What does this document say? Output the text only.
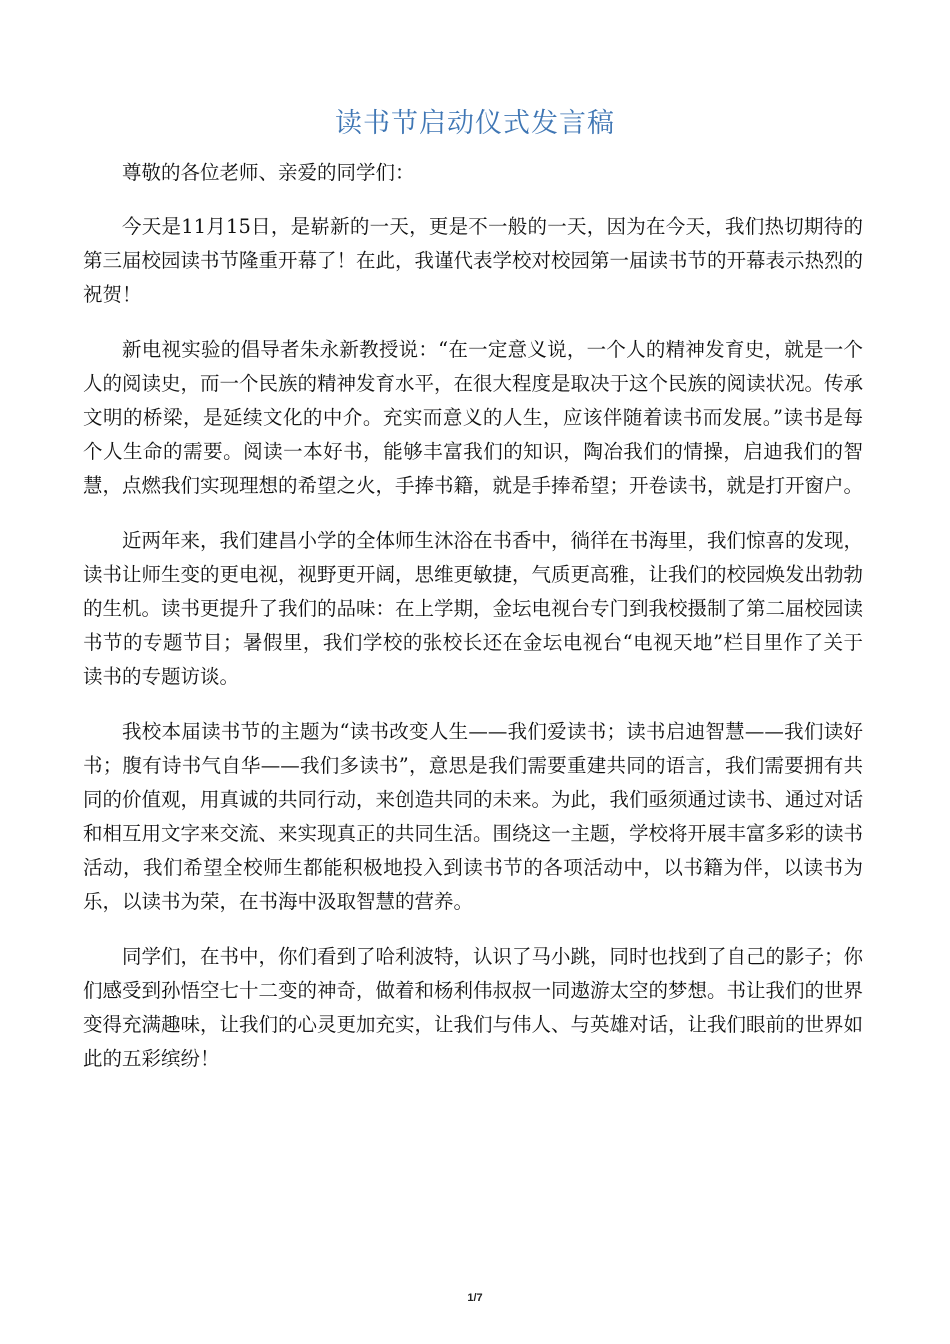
读书节启动仪式发言稿

尊敬的各位老师、亲爱的同学们：

今天是11月15日，是崭新的一天，更是不一般的一天，因为在今天，我们热切期待的第三届校园读书节隆重开幕了！在此，我谨代表学校对校园第一届读书节的开幕表示热烈的祝贺！

新电视实验的倡导者朱永新教授说：“在一定意义说，一个人的精神发育史，就是一个人的阅读史，而一个民族的精神发育水平，在很大程度是取决于这个民族的阅读状况。传承文明的桥梁，是延续文化的中介。充实而意义的人生，应该伴随着读书而发展。”读书是每个人生命的需要。阅读一本好书，能够丰富我们的知识，陶冶我们的情操，启迪我们的智慧，点燃我们实现理想的希望之火，手捧书籍，就是手捧希望；开卷读书，就是打开窗户。

近两年来，我们建昌小学的全体师生沐浴在书香中，徜徉在书海里，我们惊喜的发现，读书让师生变的更电视，视野更开阔，思维更敏捷，气质更高雅，让我们的校园焕发出勃勃的生机。读书更提升了我们的品味：在上学期，金坛电视台专门到我校摄制了第二届校园读书节的专题节目；暑假里，我们学校的张校长还在金坛电视台“电视天地”栏目里作了关于读书的专题访谈。

我校本届读书节的主题为“读书改变人生——我们爱读书；读书启迪智慧——我们读好书；腹有诗书气自华——我们多读书”，意思是我们需要重建共同的语言，我们需要拥有共同的价值观，用真诚的共同行动，来创造共同的未来。为此，我们亟须通过读书、通过对话和相互用文字来交流、来实现真正的共同生活。围绕这一主题，学校将开展丰富多彩的读书活动，我们希望全校师生都能积极地投入到读书节的各项活动中，以书籍为伴，以读书为乐，以读书为荣，在书海中汲取智慧的营养。

同学们，在书中，你们看到了哈利波特，认识了马小跳，同时也找到了自己的影子；你们感受到孙悟空七十二变的神奇，做着和杨利伟叔叔一同遨游太空的梦想。书让我们的世界变得充满趣味，让我们的心灵更加充实，让我们与伟人、与英雄对话，让我们眼前的世界如此的五彩缤纷！

1/7
